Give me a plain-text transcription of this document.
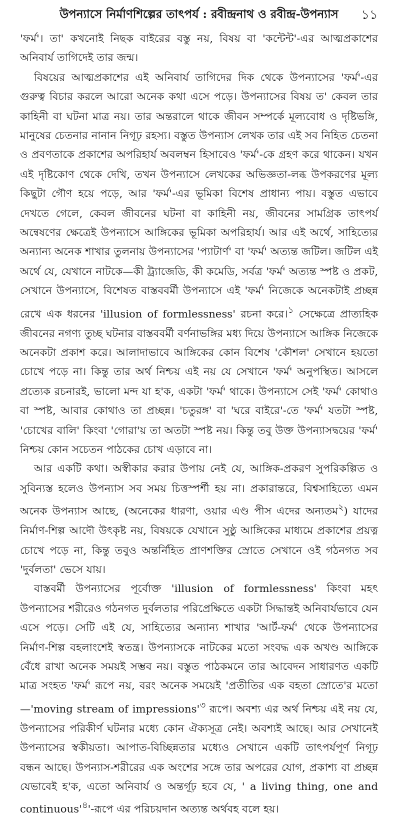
উপন্যাসে নির্মাণশিল্পের তাৎপর্য : রবীন্দ্রনাথ ও রবীন্দ্র-উপন্যাস ১১

'ফর্ম'। তা' কখনোই নিছক বাইরের বস্তু নয়, বিষয় বা 'কন্টেন্ট'-এর আত্মপ্রকাশের অনিবার্য তাগিদেই তার জন্ম।

বিষয়ের আত্মপ্রকাশের এই অনিবার্য তাগিদের দিক থেকে উপন্যাসের 'ফর্ম'-এর গুরুত্ব বিচার করলে আরো অনেক কথা এসে পড়ে। উপন্যাসের বিষয় ত' কেবল তার কাহিনী বা ঘটনা মাত্র নয়। তার অন্তরালে থাকে জীবন সম্পর্কে মূল্যবোধ ও দৃষ্টিভঙ্গি, মানুষের চেতনার নানান নিগূঢ় রহস্য। বস্তুত উপন্যাস লেখক তার এই সব নিহিত চেতনা ও প্রবণতাকে প্রকাশের অপরিহার্য অবলম্বন হিসাবেও 'ফর্ম'-কে গ্রহণ করে থাকেন। যখন এই দৃষ্টিকোণ থেকে দেখি, তখন উপন্যাসে লেখকের অভিজ্ঞতা-লব্ধ উপকরণের মূল্য কিছুটা গৌণ হয়ে পড়ে, আর 'ফর্ম'-এর ভূমিকা বিশেষ প্রাধান্য পায়। বস্তুত এভাবে দেখতে গেলে, কেবল জীবনের ঘটনা বা কাহিনী নয়, জীবনের সামগ্রিক তাৎপর্য অন্বেষণের ক্ষেত্রেই উপন্যাসে আঙ্গিকের ভূমিকা অপরিহার্য। আর এই অর্থে, সাহিত্যের অন্যান্য অনেক শাখার তুলনায় উপন্যাসের 'প্যাটার্ণ' বা 'ফর্ম' অত্যন্ত জটিল। জটিল এই অর্থে যে, যেখানে নাটকে—কী ট্র্যাজেডি, কী কমেডি, সর্বত্র 'ফর্ম' অত্যন্ত স্পষ্ট ও প্রকট, সেখানে উপন্যাসে, বিশেষত বাস্তববর্মী উপন্যাসে এই 'ফর্ম' নিজেকে অনেকটাই প্রচ্ছন্ন রেখে এক ধরনের 'illusion of formlessness' রচনা করে।$^১$ সেক্ষেত্রে প্রাত্যহিক জীবনের নগণ্য তুচ্ছ ঘটনার বাস্তববর্মী বর্ণনাভঙ্গির মধ্য দিয়ে উপন্যাসে আঙ্গিক নিজেকে অনেকটা প্রকাশ করে। আলাদাভাবে আঙ্গিকের কোন বিশেষ 'কৌশল' সেখানে হয়তো চোখে পড়ে না। কিন্তু তার অর্থ নিশ্চয় এই নয় যে সেখানে 'ফর্ম' অনুপস্থিত। আসলে প্রত্যেক রচনারই, ভালো মন্দ যা হ'ক, একটা 'ফর্ম' থাকে। উপন্যাসে সেই 'ফর্ম' কোথাও বা স্পষ্ট, আবার কোথাও তা প্রচ্ছন্ন। 'চতুরঙ্গ' বা 'ঘরে বাইরে'-তে 'ফর্ম' যতটা স্পষ্ট, 'চোখের বালি' কিংবা 'গোরা'য় তা অতটা স্পষ্ট নয়। কিন্তু তবু উক্ত উপন্যাসদ্বয়ের 'ফর্ম' নিশ্চয় কোন সচেতন পাঠকের চোখ এড়াবে না।

আর একটি কথা। অস্বীকার করার উপায় নেই যে, আঙ্গিক-প্রকরণ সুপরিকল্পিত ও সুবিন্যস্ত হলেও উপন্যাস সব সময় চিত্তস্পর্শী হয় না। প্রকারান্তরে, বিশ্বসাহিত্যে এমন অনেক উপন্যাস আছে, (অনেকের ধারণা, ওয়ার এণ্ড পীস এদের অন্যতম$^২$) যাদের নির্মাণ-শিল্প আদৌ উৎকৃষ্ট নয়, বিষয়কে যেখানে সুষ্ঠু আঙ্গিকের মাধ্যমে প্রকাশের প্রয়ত্ন চোখে পড়ে না, কিন্তু তবুও অন্তর্নিহিত প্রাণশক্তির স্রোতে সেখানে ওই গঠনগত সব 'দুর্বলতা' ভেসে যায়।

বাস্তবর্মী উপন্যাসের পূর্বোক্ত 'illusion of formlessness' কিংবা মহৎ উপন্যাসের শরীরেও গঠনগত দুর্বলতার পরিপ্রেক্ষিতে একটা সিদ্ধান্তই অনিবার্যভাবে যেন এসে পড়ে। সেটি এই যে, সাহিত্যের অন্যান্য শাখার 'আর্ট-ফর্ম' থেকে উপন্যাসের নির্মাণ-শিল্প বহলাংশেই স্বতন্ত্র। উপন্যাসকে নাটকের মতো সংবদ্ধ এক অখণ্ড আঙ্গিকে বেঁধে রাখা অনেক সময়ই সম্ভব নয়। বস্তুত পাঠকমনে তার আবেদন সাধারণত একটি মাত্র সংহত 'ফর্ম' রূপে নয়, বরং অনেক সময়েই 'প্রতীতির এক বহতা স্রোতে'র মতো—'moving stream of $impressions'^৩$ রূপে। অবশ্য এর অর্থ নিশ্চয় এই নয় যে, উপন্যাসের পরিকীর্ণ ঘটনার মধ্যে কোন ঐক্যসূত্র নেই। অবশ্যই আছে। আর সেখানেই উপন্যাসের স্বকীয়তা। আপাত-বিচ্ছিন্নতার মধ্যেও সেখানে একটি তাৎপর্যপূর্ণ নিগূঢ় বন্ধন আছে। উপন্যাস-শরীরের এক অংশের সঙ্গে তার অপরের যোগ, প্রকাশ্য বা প্রচ্ছন্ন যেভাবেই হ'ক, এতো অনিবার্য ও অন্তর্গূঢ় হবে যে, ' a living thing, one and $continuous'^৪'-রূপে$ এর পরিচয়দান অত্যন্ত অর্থবহ বলে হয়।
